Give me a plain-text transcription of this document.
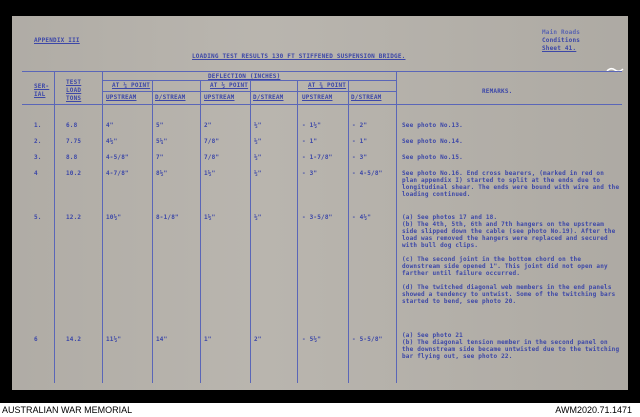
APPENDIX III
LOADING TEST RESULTS 130 FT STIFFENED SUSPENSION BRIDGE.
Main Roads
Conditions
Sheet 41.
SER-
IAL
TEST
LOAD
TONS
DEFLECTION (INCHES)
AT ¼ POINT	AT ½ POINT	AT ¾ POINT
UPSTREAM	D/STREAM	UPSTREAM	D/STREAM	UPSTREAM	D/STREAM
REMARKS.
1.	6.8	4"	5"	2"	½"	- 1½"	- 2"	See photo No.13.
2.	7.75	4½"	5¼"	7/8"	½"	- 1"	- 1"	See photo No.14.
3.	8.8	4-5/8"	7"	7/8"	½"	- 1-7/8"	- 3"	See photo No.15.
4	10.2	4-7/8"	8½"	1½"	½"	- 3"	- 4-5/8"	See photo No.16. End cross bearers, (marked in red on plan appendix I) started to split at the ends due to longitudinal shear. The ends were bound with wire and the loading continued.
5.	12.2	10½"	8-1/8"	1½"	½"	- 3-5/8"	- 4½"	(a) See photos 17 and 18.
(b) The 4th, 5th, 6th and 7th hangers on the upstream side slipped down the cable (see photo No.19). After the load was removed the hangers were replaced and secured with bull dog clips.
(c) The second joint in the bottom chord on the downstream side opened 1". This joint did not open any farther until failure occurred.
(d) The twitched diagonal web members in the end panels showed a tendency to untwist. Some of the twitching bars started to bend, see photo 20.
6	14.2	11½"	14"	1"	2"	- 5½"	- 5-5/8"
(a) See photo 21
(b) The diagonal tension member in the second panel on the downstream side became untwisted due to the twitching bar flying out, see photo 22.
AUSTRALIAN WAR MEMORIAL	AWM2020.71.1471
